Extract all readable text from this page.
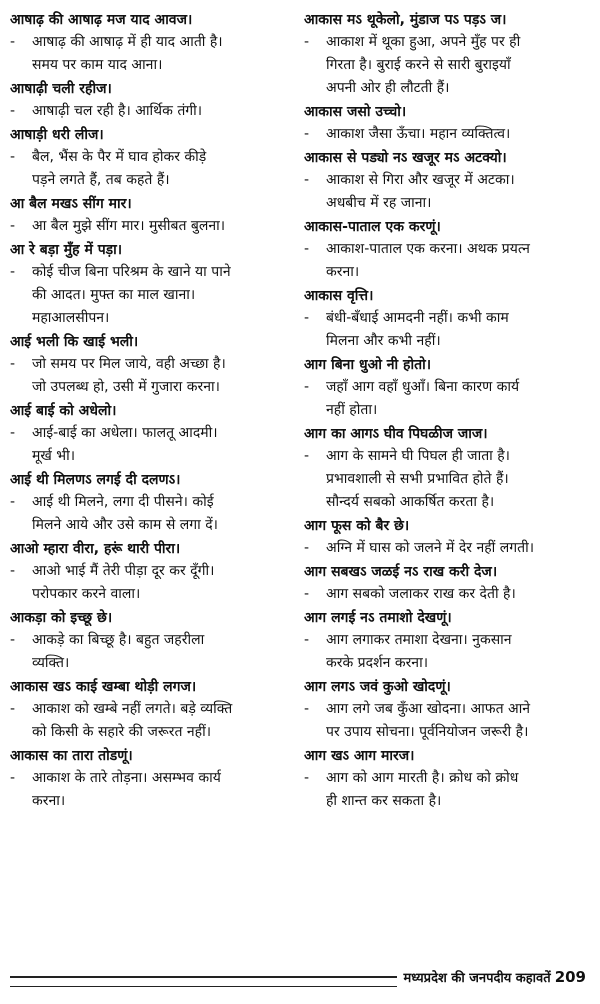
आषाढ़ की आषाढ़ मज याद आवज।
-	आषाढ़ की आषाढ़ में ही याद आती है।
समय पर काम याद आना।
आषाढ़ी चली रहीज।
-	आषाढ़ी चल रही है। आर्थिक तंगी।
आषाड़ी धरी लीज।
-	बैल, भैंस के पैर में घाव होकर कीड़े
पड़ने लगते हैं, तब कहते हैं।
आ बैल मखऽ सींग मार।
-	आ बैल मुझे सींग मार। मुसीबत बुलना।
आ रे बड़ा मुँह में पड़ा।
-	कोई चीज बिना परिश्रम के खाने या पाने
की आदत। मुफ्त का माल खाना।
महाआलसीपन।
आई भली कि खाई भली।
-	जो समय पर मिल जाये, वही अच्छा है।
जो उपलब्ध हो, उसी में गुजारा करना।
आई बाई को अधेलो।
-	आई-बाई का अधेला। फालतू आदमी।
मूर्ख भी।
आई थी मिलणऽ लगई दी दलणऽ।
-	आई थी मिलने, लगा दी पीसने। कोई
मिलने आये और उसे काम से लगा दें।
आओ म्हारा वीरा, हरूं थारी पीरा।
-	आओ भाई मैं तेरी पीड़ा दूर कर दूँगी।
परोपकार करने वाला।
आकड़ा को इच्छू छे।
-	आकड़े का बिच्छू है। बहुत जहरीला
व्यक्ति।
आकास खऽ काई खम्बा थोड़ी लगज।
-	आकाश को खम्बे नहीं लगते। बड़े व्यक्ति
को किसी के सहारे की जरूरत नहीं।
आकास का तारा तोडणूं।
-	आकाश के तारे तोड़ना। असम्भव कार्य
करना।
आकास मऽ थूकेलो, मुंडाज पऽ पड़ऽ ज।
-	आकाश में थूका हुआ, अपने मुँह पर ही
गिरता है। बुराई करने से सारी बुराइयाँ
अपनी ओर ही लौटती हैं।
आकास जसो उच्चो।
-	आकाश जैसा ऊँचा। महान व्यक्तित्व।
आकास से पड्यो नऽ खजूर मऽ अटक्यो।
-	आकाश से गिरा और खजूर में अटका।
अधबीच में रह जाना।
आकास-पाताल एक करणूं।
-	आकाश-पाताल एक करना। अथक प्रयत्न
करना।
आकास वृत्ति।
-	बंधी-बँधाई आमदनी नहीं। कभी काम
मिलना और कभी नहीं।
आग बिना धुओ नी होतो।
-	जहाँ आग वहाँ धुआँ। बिना कारण कार्य
नहीं होता।
आग का आगऽ घीव पिघळीज जाज।
-	आग के सामने घी पिघल ही जाता है।
प्रभावशाली से सभी प्रभावित होते हैं।
सौन्दर्य सबको आकर्षित करता है।
आग फूस को बैर छे।
-	अग्नि में घास को जलने में देर नहीं लगती।
आग सबखऽ जळई नऽ राख करी देज।
-	आग सबको जलाकर राख कर देती है।
आग लगई नऽ तमाशो देखणूं।
-	आग लगाकर तमाशा देखना। नुकसान
करके प्रदर्शन करना।
आग लगऽ जवं कुओ खोदणूं।
-	आग लगे जब कुँआ खोदना। आफत आने
पर उपाय सोचना। पूर्वनियोजन जरूरी है।
आग खऽ आग मारज।
-	आग को आग मारती है। क्रोध को क्रोध
ही शान्त कर सकता है।
मध्यप्रदेश की जनपदीय कहावतें 209
